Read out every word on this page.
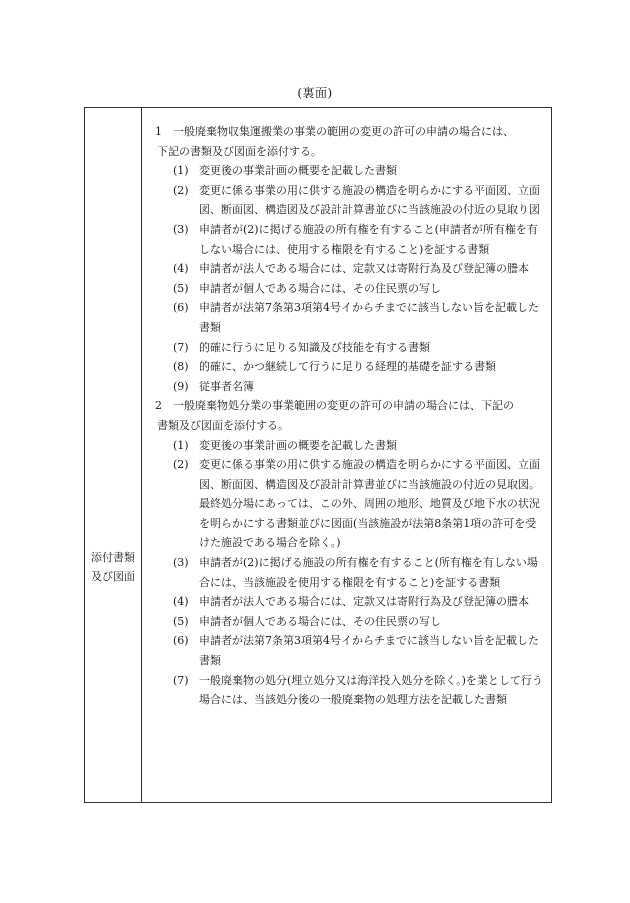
(裏面)
添付書類
及び図面
1 一般廃棄物収集運搬業の事業の範囲の変更の許可の申請の場合には、
下記の書類及び図面を添付する。
(1) 変更後の事業計画の概要を記載した書類
(2) 変更に係る事業の用に供する施設の構造を明らかにする平面図、立面図、断面図、構造図及び設計計算書並びに当該施設の付近の見取り図
(3) 申請者が(2)に掲げる施設の所有権を有すること(申請者が所有権を有しない場合には、使用する権限を有すること)を証する書類
(4) 申請者が法人である場合には、定款又は寄附行為及び登記簿の謄本
(5) 申請者が個人である場合には、その住民票の写し
(6) 申請者が法第7条第3項第4号イからチまでに該当しない旨を記載した書類
(7) 的確に行うに足りる知識及び技能を有する書類
(8) 的確に、かつ継続して行うに足りる経理的基礎を証する書類
(9) 従事者名簿
2 一般廃棄物処分業の事業範囲の変更の許可の申請の場合には、下記の
書類及び図面を添付する。
(1) 変更後の事業計画の概要を記載した書類
(2) 変更に係る事業の用に供する施設の構造を明らかにする平面図、立面図、断面図、構造図及び設計計算書並びに当該施設の付近の見取図。最終処分場にあっては、この外、周囲の地形、地質及び地下水の状況を明らかにする書類並びに図面(当該施設が法第8条第1項の許可を受けた施設である場合を除く。)
(3) 申請者が(2)に掲げる施設の所有権を有すること(所有権を有しない場合には、当該施設を使用する権限を有すること)を証する書類
(4) 申請者が法人である場合には、定款又は寄附行為及び登記簿の謄本
(5) 申請者が個人である場合には、その住民票の写し
(6) 申請者が法第7条第3項第4号イからチまでに該当しない旨を記載した書類
(7) 一般廃棄物の処分(埋立処分又は海洋投入処分を除く。)を業として行う場合には、当該処分後の一般廃棄物の処理方法を記載した書類
